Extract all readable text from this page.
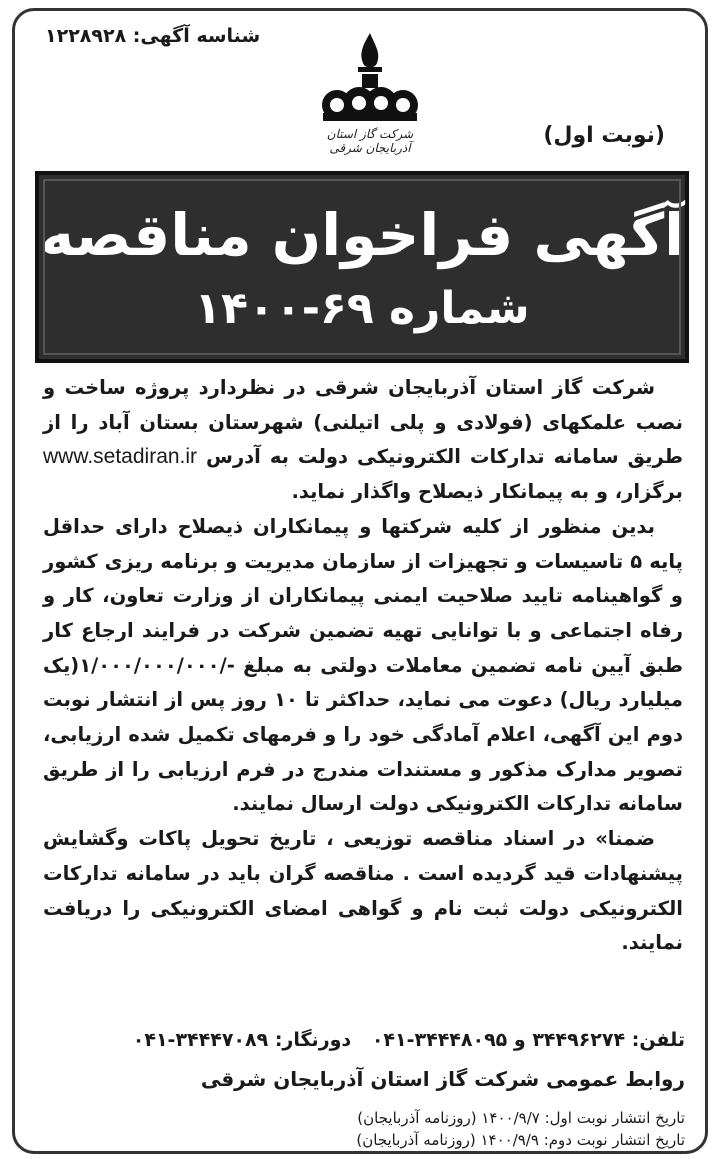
شناسه آگهی: ۱۲۲۸۹۲۸
شرکت گاز استان آذربایجان شرقی	(نوبت اول)
آگهی فراخوان مناقصه
شماره ۶۹-۱۴۰۰

شرکت گاز استان آذربایجان شرقی در نظردارد پروژه ساخت و نصب علمکهای (فولادی و پلی اتیلنی) شهرستان بستان آباد را از طریق سامانه تدارکات الکترونیکی دولت به آدرس www.setadiran.ir برگزار، و به پیمانکار ذیصلاح واگذار نماید.

بدین منظور از کلیه شرکتها و پیمانکاران ذیصلاح دارای حداقل پایه ۵ تاسیسات و تجهیزات از سازمان مدیریت و برنامه ریزی کشور و گواهینامه تایید صلاحیت ایمنی پیمانکاران از وزارت تعاون، کار و رفاه اجتماعی و با توانایی تهیه تضمین شرکت در فرایند ارجاع کار طبق آیین نامه تضمین معاملات دولتی به مبلغ -/۱/۰۰۰/۰۰۰/۰۰۰(یک میلیارد ریال) دعوت می نماید، حداکثر تا ۱۰ روز پس از انتشار نوبت دوم این آگهی، اعلام آمادگی خود را و فرمهای تکمیل شده ارزیابی، تصویر مدارک مذکور و مستندات مندرج در فرم ارزیابی را از طریق سامانه تدارکات الکترونیکی دولت ارسال نمایند.

ضمنا» در اسناد مناقصه توزیعی ، تاریخ تحویل پاکات وگشایش پیشنهادات قید گردیده است . مناقصه گران باید در سامانه تدارکات الکترونیکی دولت ثبت نام و گواهی امضای الکترونیکی را دریافت نمایند.

تلفن: ۳۴۴۹۶۲۷۴ و ۳۴۴۴۸۰۹۵-۰۴۱ دورنگار: ۳۴۴۴۷۰۸۹-۰۴۱
روابط عمومی شرکت گاز استان آذربایجان شرقی
تاریخ انتشار نوبت اول: ۱۴۰۰/۹/۷ (روزنامه آذربایجان)
تاریخ انتشار نوبت دوم: ۱۴۰۰/۹/۹ (روزنامه آذربایجان)
